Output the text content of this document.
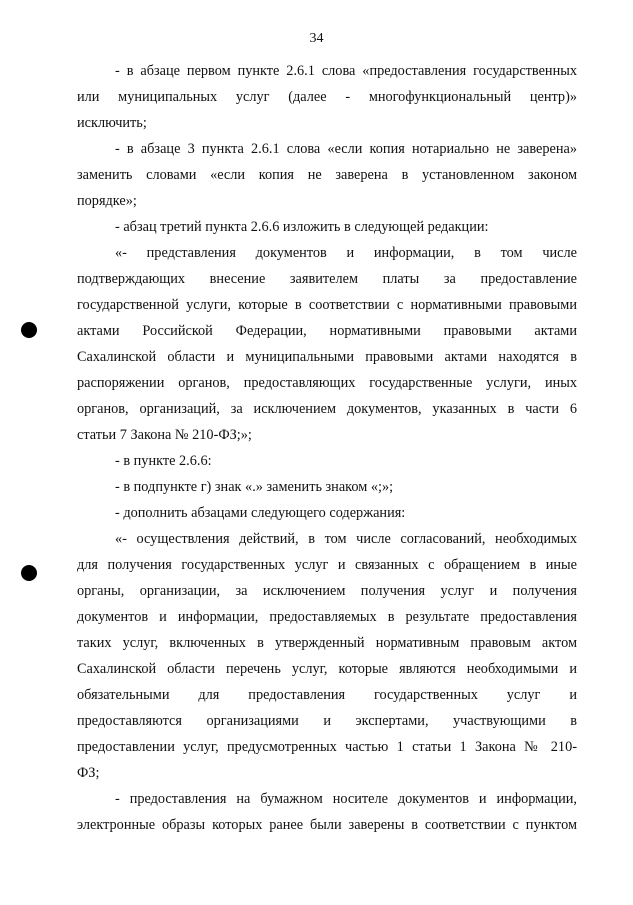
34
- в абзаце первом пункте 2.6.1 слова «предоставления государственных
или муниципальных услуг (далее - многофункциональный центр)»
исключить;
- в абзаце 3 пункта 2.6.1 слова «если копия нотариально не заверена»
заменить словами «если копия не заверена в установленном законом
порядке»;
- абзац третий пункта 2.6.6 изложить в следующей редакции:
«- представления документов и информации, в том числе
подтверждающих внесение заявителем платы за предоставление
государственной услуги, которые в соответствии с нормативными правовыми
актами Российской Федерации, нормативными правовыми актами
Сахалинской области и муниципальными правовыми актами находятся в
распоряжении органов, предоставляющих государственные услуги, иных
органов, организаций, за исключением документов, указанных в части 6
статьи 7 Закона № 210-ФЗ;»;
- в пункте 2.6.6:
- в подпункте г) знак «.» заменить знаком «;»;
- дополнить абзацами следующего содержания:
«- осуществления действий, в том числе согласований, необходимых
для получения государственных услуг и связанных с обращением в иные
органы, организации, за исключением получения услуг и получения
документов и информации, предоставляемых в результате предоставления
таких услуг, включенных в утвержденный нормативным правовым актом
Сахалинской области перечень услуг, которые являются необходимыми и
обязательными для предоставления государственных услуг и
предоставляются организациями и экспертами, участвующими в
предоставлении услуг, предусмотренных частью 1 статьи 1 Закона № 210-
ФЗ;
- предоставления на бумажном носителе документов и информации,
электронные образы которых ранее были заверены в соответствии с пунктом
